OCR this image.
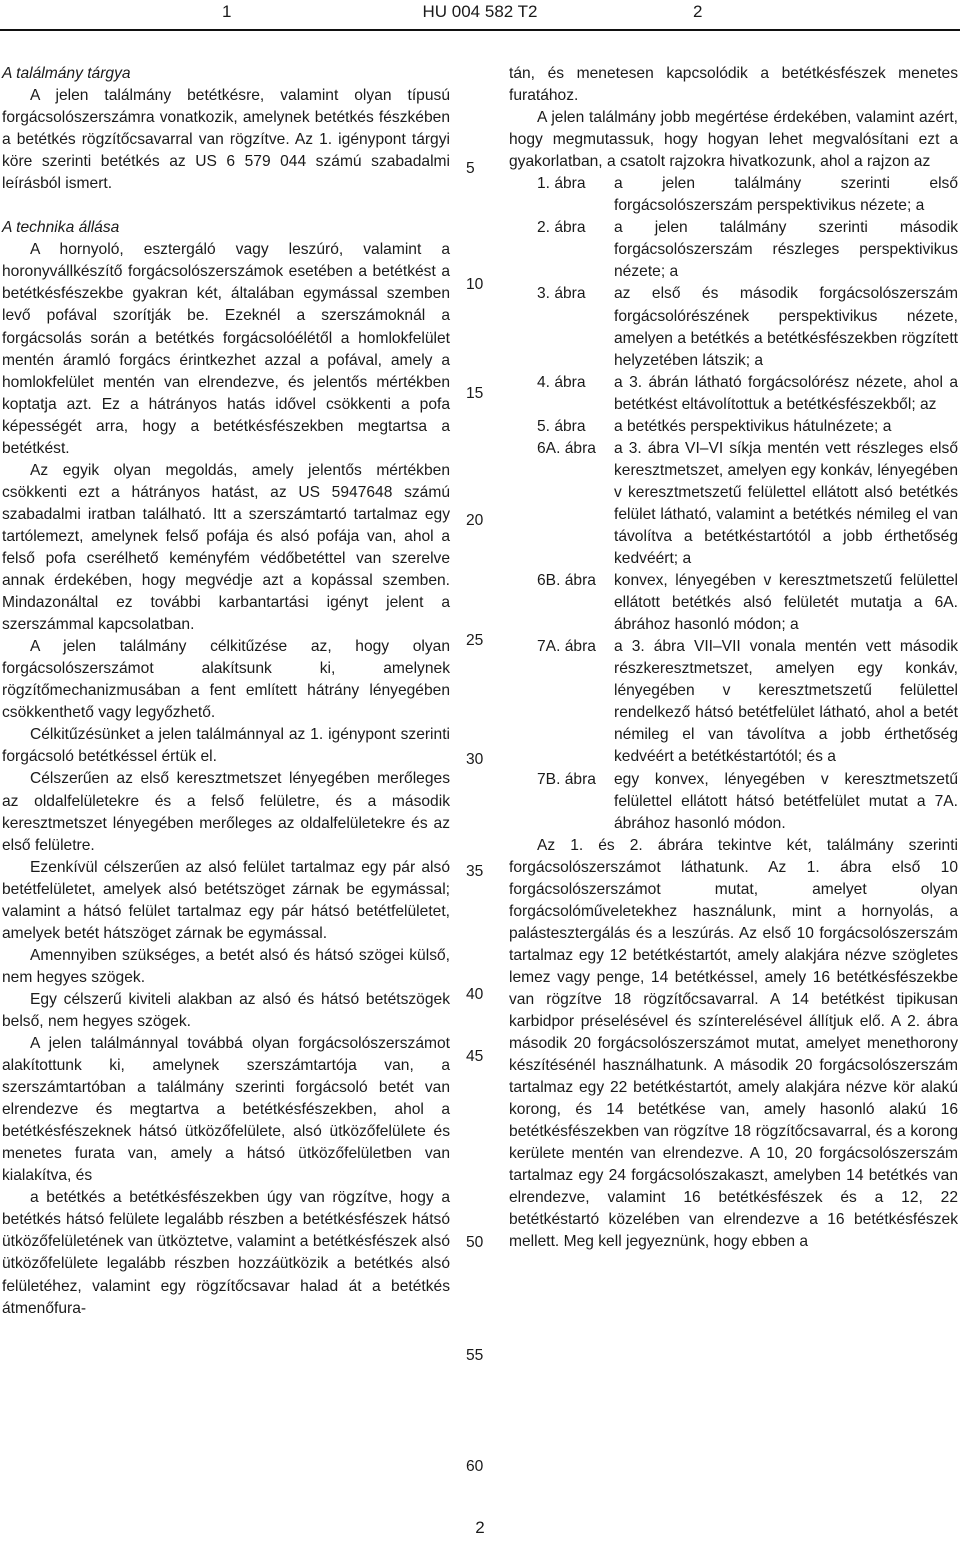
1	HU 004 582 T2	2

A találmány tárgya

A jelen találmány betétkésre, valamint olyan típusú forgácsolószerszámra vonatkozik, amelynek betétkés fészkében a betétkés rögzítőcsavarral van rögzítve. Az 1. igénypont tárgyi köre szerinti betétkés az US 6 579 044 számú szabadalmi leírásból ismert.

A technika állása

A hornyoló, esztergáló vagy leszúró, valamint a horonyvállkészítő forgácsolószerszámok esetében a betétkést a betétkésfészekbe gyakran két, általában egymással szemben levő pofával szorítják be. Ezeknél a szerszámoknál a forgácsolás során a betétkés forgácsolóélétől a homlokfelület mentén áramló forgács érintkezhet azzal a pofával, amely a homlokfelület mentén van elrendezve, és jelentős mértékben koptatja azt. Ez a hátrányos hatás idővel csökkenti a pofa képességét arra, hogy a betétkésfészekben megtartsa a betétkést.

Az egyik olyan megoldás, amely jelentős mértékben csökkenti ezt a hátrányos hatást, az US 5947648 számú szabadalmi iratban található. Itt a szerszámtartó tartalmaz egy tartólemezt, amelynek felső pofája és alsó pofája van, ahol a felső pofa cserélhető keményfém védőbetéttel van szerelve annak érdekében, hogy megvédje azt a kopással szemben. Mindazonáltal ez további karbantartási igényt jelent a szerszámmal kapcsolatban.

A jelen találmány célkitűzése az, hogy olyan forgácsolószerszámot alakítsunk ki, amelynek rögzítőmechanizmusában a fent említett hátrány lényegében csökkenthető vagy legyőzhető.

Célkitűzésünket a jelen találmánnyal az 1. igénypont szerinti forgácsoló betétkéssel értük el.

Célszerűen az első keresztmetszet lényegében merőleges az oldalfelületekre és a felső felületre, és a második keresztmetszet lényegében merőleges az oldalfelületekre és az első felületre.

Ezenkívül célszerűen az alsó felület tartalmaz egy pár alsó betétfelületet, amelyek alsó betétszöget zárnak be egymással; valamint a hátsó felület tartalmaz egy pár hátsó betétfelületet, amelyek betét hátszöget zárnak be egymással.

Amennyiben szükséges, a betét alsó és hátsó szögei külső, nem hegyes szögek.

Egy célszerű kiviteli alakban az alsó és hátsó betétszögek belső, nem hegyes szögek.

A jelen találmánnyal továbbá olyan forgácsolószerszámot alakítottunk ki, amelynek szerszámtartója van, a szerszámtartóban a találmány szerinti forgácsoló betét van elrendezve és megtartva a betétkésfészekben, ahol a betétkésfészeknek hátsó ütközőfelülete, alsó ütközőfelülete és menetes furata van, amely a hátsó ütközőfelületben van kialakítva, és

a betétkés a betétkésfészekben úgy van rögzítve, hogy a betétkés hátsó felülete legalább részben a betétkésfészek hátsó ütközőfelületének van ütköztetve, valamint a betétkésfészek alsó ütközőfelülete legalább részben hozzáütközik a betétkés alsó felületéhez, valamint egy rögzítőcsavar halad át a betétkés átmenőfura-

tán, és menetesen kapcsolódik a betétkésfészek menetes furatához.

A jelen találmány jobb megértése érdekében, valamint azért, hogy megmutassuk, hogy hogyan lehet megvalósítani ezt a gyakorlatban, a csatolt rajzokra hivatkozunk, ahol a rajzon az

1. ábra	a jelen találmány szerinti első forgácsolószerszám perspektivikus nézete; a
2. ábra	a jelen találmány szerinti második forgácsolószerszám részleges perspektivikus nézete; a
3. ábra	az első és második forgácsolószerszám forgácsolórészének perspektivikus nézete, amelyen a betétkés a betétkésfészekben rögzített helyzetében látszik; a
4. ábra	a 3. ábrán látható forgácsolórész nézete, ahol a betétkést eltávolítottuk a betétkésfészekből; az
5. ábra	a betétkés perspektivikus hátulnézete; a
6A. ábra	a 3. ábra VI–VI síkja mentén vett részleges első keresztmetszet, amelyen egy konkáv, lényegében v keresztmetszetű felülettel ellátott alsó betétkés felület látható, valamint a betétkés némileg el van távolítva a betétkéstartótól a jobb érthetőség kedvéért; a
6B. ábra	konvex, lényegében v keresztmetszetű felülettel ellátott betétkés alsó felületét mutatja a 6A. ábrához hasonló módon; a
7A. ábra	a 3. ábra VII–VII vonala mentén vett második részkeresztmetszet, amelyen egy konkáv, lényegében v keresztmetszetű felülettel rendelkező hátsó betétfelület látható, ahol a betét némileg el van távolítva a jobb érthetőség kedvéért a betétkéstartótól; és a
7B. ábra	egy konvex, lényegében v keresztmetszetű felülettel ellátott hátsó betétfelület mutat a 7A. ábrához hasonló módon.

Az 1. és 2. ábrára tekintve két, találmány szerinti forgácsolószerszámot láthatunk. Az 1. ábra első 10 forgácsolószerszámot mutat, amelyet olyan forgácsolóműveletekhez használunk, mint a hornyolás, a palástesztergálás és a leszúrás. Az első 10 forgácsolószerszám tartalmaz egy 12 betétkéstartót, amely alakjára nézve szögletes lemez vagy penge, 14 betétkéssel, amely 16 betétkésfészekbe van rögzítve 18 rögzítőcsavarral. A 14 betétkést tipikusan karbidpor préselésével és színterelésével állítjuk elő. A 2. ábra második 20 forgácsolószerszámot mutat, amelyet menethorony készítésénél használhatunk. A második 20 forgácsolószerszám tartalmaz egy 22 betétkéstartót, amely alakjára nézve kör alakú korong, és 14 betétkése van, amely hasonló alakú 16 betétkésfészekben van rögzítve 18 rögzítőcsavarral, és a korong kerülete mentén van elrendezve. A 10, 20 forgácsolószerszám tartalmaz egy 24 forgácsolószakaszt, amelyben 14 betétkés van elrendezve, valamint 16 betétkésfészek és a 12, 22 betétkéstartó közelében van elrendezve a 16 betétkésfészek mellett. Meg kell jegyeznünk, hogy ebben a

5
10
15
20
25
30
35
40
45
50
55
60
2
